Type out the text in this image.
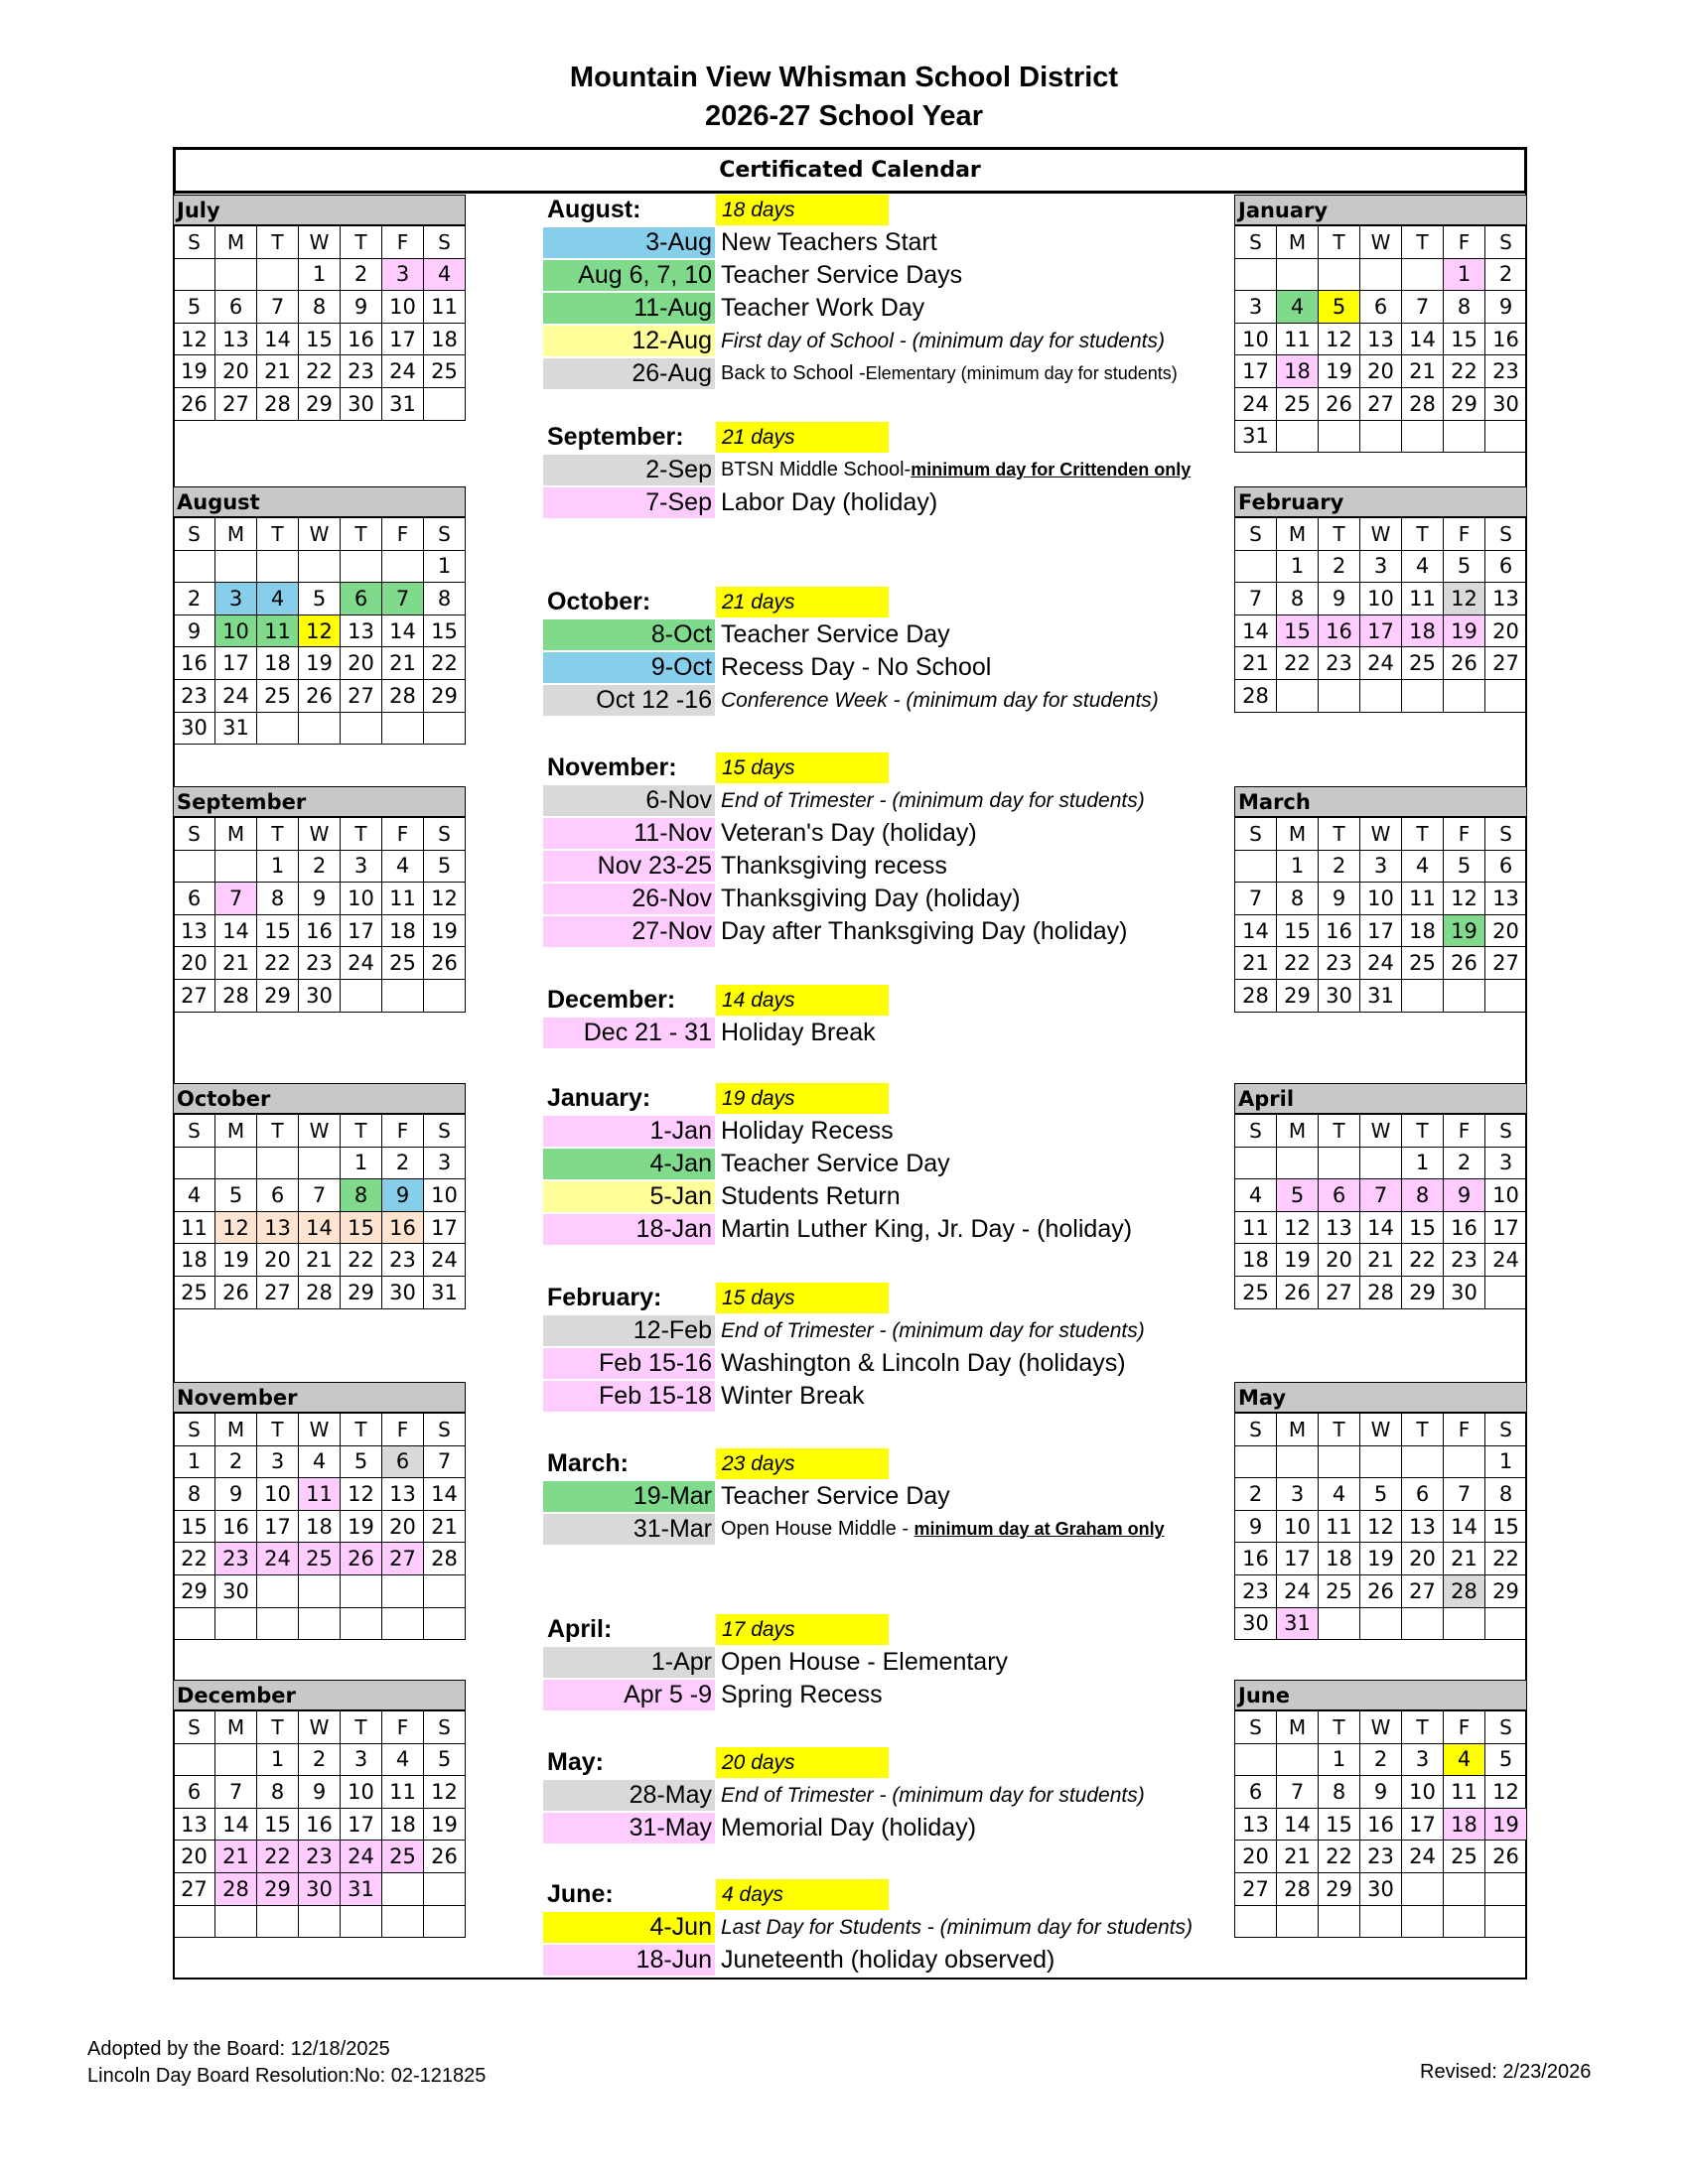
Mountain View Whisman School District
2026-27 School Year
Certificated Calendar
July
S	M	T	W	T	F	S
			1	2	3	4
5	6	7	8	9	10	11
12	13	14	15	16	17	18
19	20	21	22	23	24	25
26	27	28	29	30	31	
August
S	M	T	W	T	F	S
						1
2	3	4	5	6	7	8
9	10	11	12	13	14	15
16	17	18	19	20	21	22
23	24	25	26	27	28	29
30	31					
September
S	M	T	W	T	F	S
		1	2	3	4	5
6	7	8	9	10	11	12
13	14	15	16	17	18	19
20	21	22	23	24	25	26
27	28	29	30			
October
S	M	T	W	T	F	S
				1	2	3
4	5	6	7	8	9	10
11	12	13	14	15	16	17
18	19	20	21	22	23	24
25	26	27	28	29	30	31
November
S	M	T	W	T	F	S
1	2	3	4	5	6	7
8	9	10	11	12	13	14
15	16	17	18	19	20	21
22	23	24	25	26	27	28
29	30					

December
S	M	T	W	T	F	S
		1	2	3	4	5
6	7	8	9	10	11	12
13	14	15	16	17	18	19
20	21	22	23	24	25	26
27	28	29	30	31		

January
S	M	T	W	T	F	S
					1	2
3	4	5	6	7	8	9
10	11	12	13	14	15	16
17	18	19	20	21	22	23
24	25	26	27	28	29	30
31						
February
S	M	T	W	T	F	S
	1	2	3	4	5	6
7	8	9	10	11	12	13
14	15	16	17	18	19	20
21	22	23	24	25	26	27
28						
March
S	M	T	W	T	F	S
	1	2	3	4	5	6
7	8	9	10	11	12	13
14	15	16	17	18	19	20
21	22	23	24	25	26	27
28	29	30	31			
April
S	M	T	W	T	F	S
				1	2	3
4	5	6	7	8	9	10
11	12	13	14	15	16	17
18	19	20	21	22	23	24
25	26	27	28	29	30	
May
S	M	T	W	T	F	S
						1
2	3	4	5	6	7	8
9	10	11	12	13	14	15
16	17	18	19	20	21	22
23	24	25	26	27	28	29
30	31					
June
S	M	T	W	T	F	S
		1	2	3	4	5
6	7	8	9	10	11	12
13	14	15	16	17	18	19
20	21	22	23	24	25	26
27	28	29	30			

August:	18 days
3-Aug New Teachers Start
Aug 6, 7, 10 Teacher Service Days
11-Aug Teacher Work Day
12-Aug First day of School - (minimum day for students)
26-Aug Back to School -Elementary (minimum day for students)
September: 21 days
2-Sep BTSN Middle School-minimum day for Crittenden only
7-Sep Labor Day (holiday)
October:	21 days
8-Oct Teacher Service Day
9-Oct Recess Day - No School
Oct 12 -16 Conference Week - (minimum day for students)
November: 15 days
6-Nov End of Trimester - (minimum day for students)
11-Nov Veteran's Day (holiday)
Nov 23-25 Thanksgiving recess
26-Nov Thanksgiving Day (holiday)
27-Nov Day after Thanksgiving Day (holiday)
December: 14 days
Dec 21 - 31 Holiday Break
January:	19 days
1-Jan Holiday Recess
4-Jan Teacher Service Day
5-Jan Students Return
18-Jan Martin Luther King, Jr. Day - (holiday)
February:	15 days
12-Feb End of Trimester - (minimum day for students)
Feb 15-16 Washington & Lincoln Day (holidays)
Feb 15-18 Winter Break
March:	23 days
19-Mar Teacher Service Day
31-Mar Open House Middle - minimum day at Graham only
April:	17 days
1-Apr Open House - Elementary
Apr 5 -9 Spring Recess
May:	20 days
28-May End of Trimester - (minimum day for students)
31-May Memorial Day (holiday)
June:	4 days
4-Jun Last Day for Students - (minimum day for students)
18-Jun Juneteenth (holiday observed)
Adopted by the Board: 12/18/2025
Lincoln Day Board Resolution:No: 02-121825	Revised: 2/23/2026
